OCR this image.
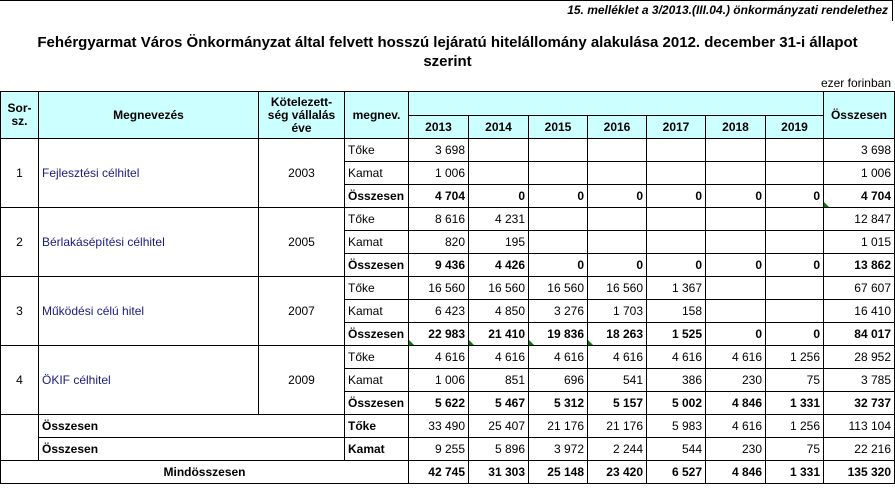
15. melléklet a 3/2013.(III.04.) önkormányzati rendelethez
Fehérgyarmat Város Önkormányzat által felvett hosszú lejáratú hitelállomány alakulása 2012. december 31-i állapot
szerint
ezer forinban
Sor-sz.	Megnevezés	Kötelezett-ség vállalás éve	megnev.								Összesen
				2013	2014	2015	2016	2017	2018	2019	
1	Fejlesztési célhitel	2003	Tőke	3 698							3 698
			Kamat	1 006							1 006
			Összesen	4 704	0	0	0	0	0	0	4 704
2	Bérlakásépítési célhitel	2005	Tőke	8 616	4 231						12 847
			Kamat	820	195						1 015
			Összesen	9 436	4 426	0	0	0	0	0	13 862
3	Működési célú hitel	2007	Tőke	16 560	16 560	16 560	16 560	1 367			67 607
			Kamat	6 423	4 850	3 276	1 703	158			16 410
			Összesen	22 983	21 410	19 836	18 263	1 525	0	0	84 017
4	ÖKIF célhitel	2009	Tőke	4 616	4 616	4 616	4 616	4 616	4 616	1 256	28 952
			Kamat	1 006	851	696	541	386	230	75	3 785
			Összesen	5 622	5 467	5 312	5 157	5 002	4 846	1 331	32 737
	Összesen		Tőke	33 490	25 407	21 176	21 176	5 983	4 616	1 256	113 104
	Összesen		Kamat	9 255	5 896	3 972	2 244	544	230	75	22 216
Mindösszesen				42 745	31 303	25 148	23 420	6 527	4 846	1 331	135 320
